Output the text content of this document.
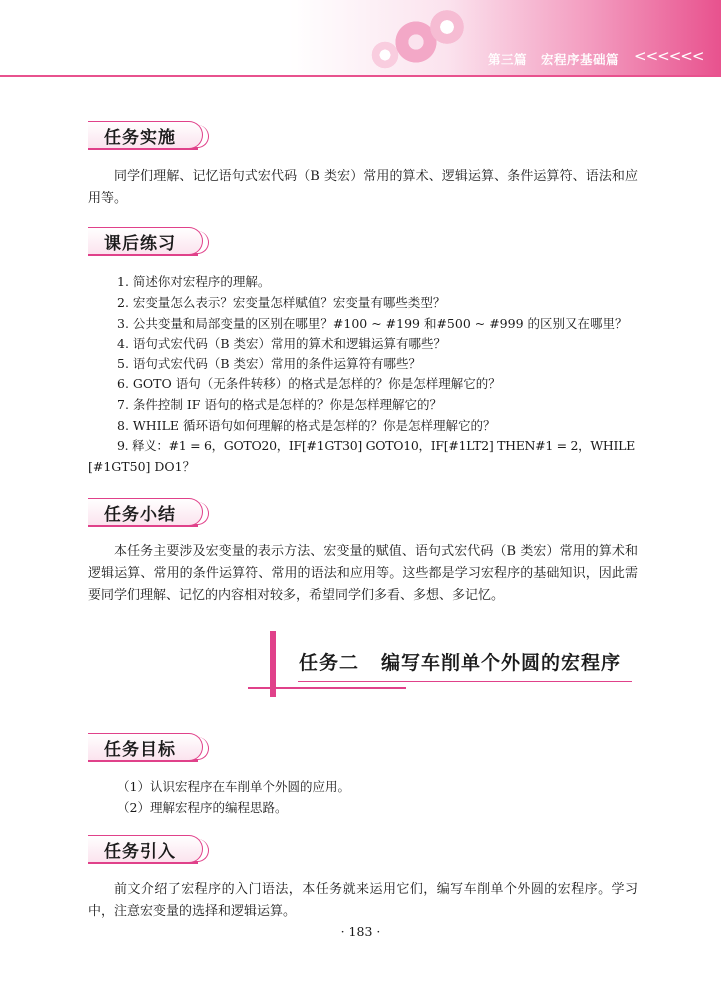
第三篇 宏程序基础篇 <<<<<<
任务实施
同学们理解、记忆语句式宏代码（B 类宏）常用的算术、逻辑运算、条件运算符、语法和应用等。
课后练习
1. 简述你对宏程序的理解。
2. 宏变量怎么表示？宏变量怎样赋值？宏变量有哪些类型？
3. 公共变量和局部变量的区别在哪里？#100 ~ #199 和#500 ~ #999 的区别又在哪里？
4. 语句式宏代码（B 类宏）常用的算术和逻辑运算有哪些？
5. 语句式宏代码（B 类宏）常用的条件运算符有哪些？
6. GOTO 语句（无条件转移）的格式是怎样的？你是怎样理解它的？
7. 条件控制 IF 语句的格式是怎样的？你是怎样理解它的？
8. WHILE 循环语句如何理解的格式是怎样的？你是怎样理解它的？
9. 释义：#1 = 6，GOTO20，IF[#1GT30] GOTO10，IF[#1LT2] THEN#1 = 2，WHILE
[#1GT50] DO1？
任务小结
本任务主要涉及宏变量的表示方法、宏变量的赋值、语句式宏代码（B 类宏）常用的算术和逻辑运算、常用的条件运算符、常用的语法和应用等。这些都是学习宏程序的基础知识，因此需要同学们理解、记忆的内容相对较多，希望同学们多看、多想、多记忆。
任务二 编写车削单个外圆的宏程序
任务目标
（1）认识宏程序在车削单个外圆的应用。
（2）理解宏程序的编程思路。
任务引入
前文介绍了宏程序的入门语法，本任务就来运用它们，编写车削单个外圆的宏程序。学习中，注意宏变量的选择和逻辑运算。
· 183 ·
